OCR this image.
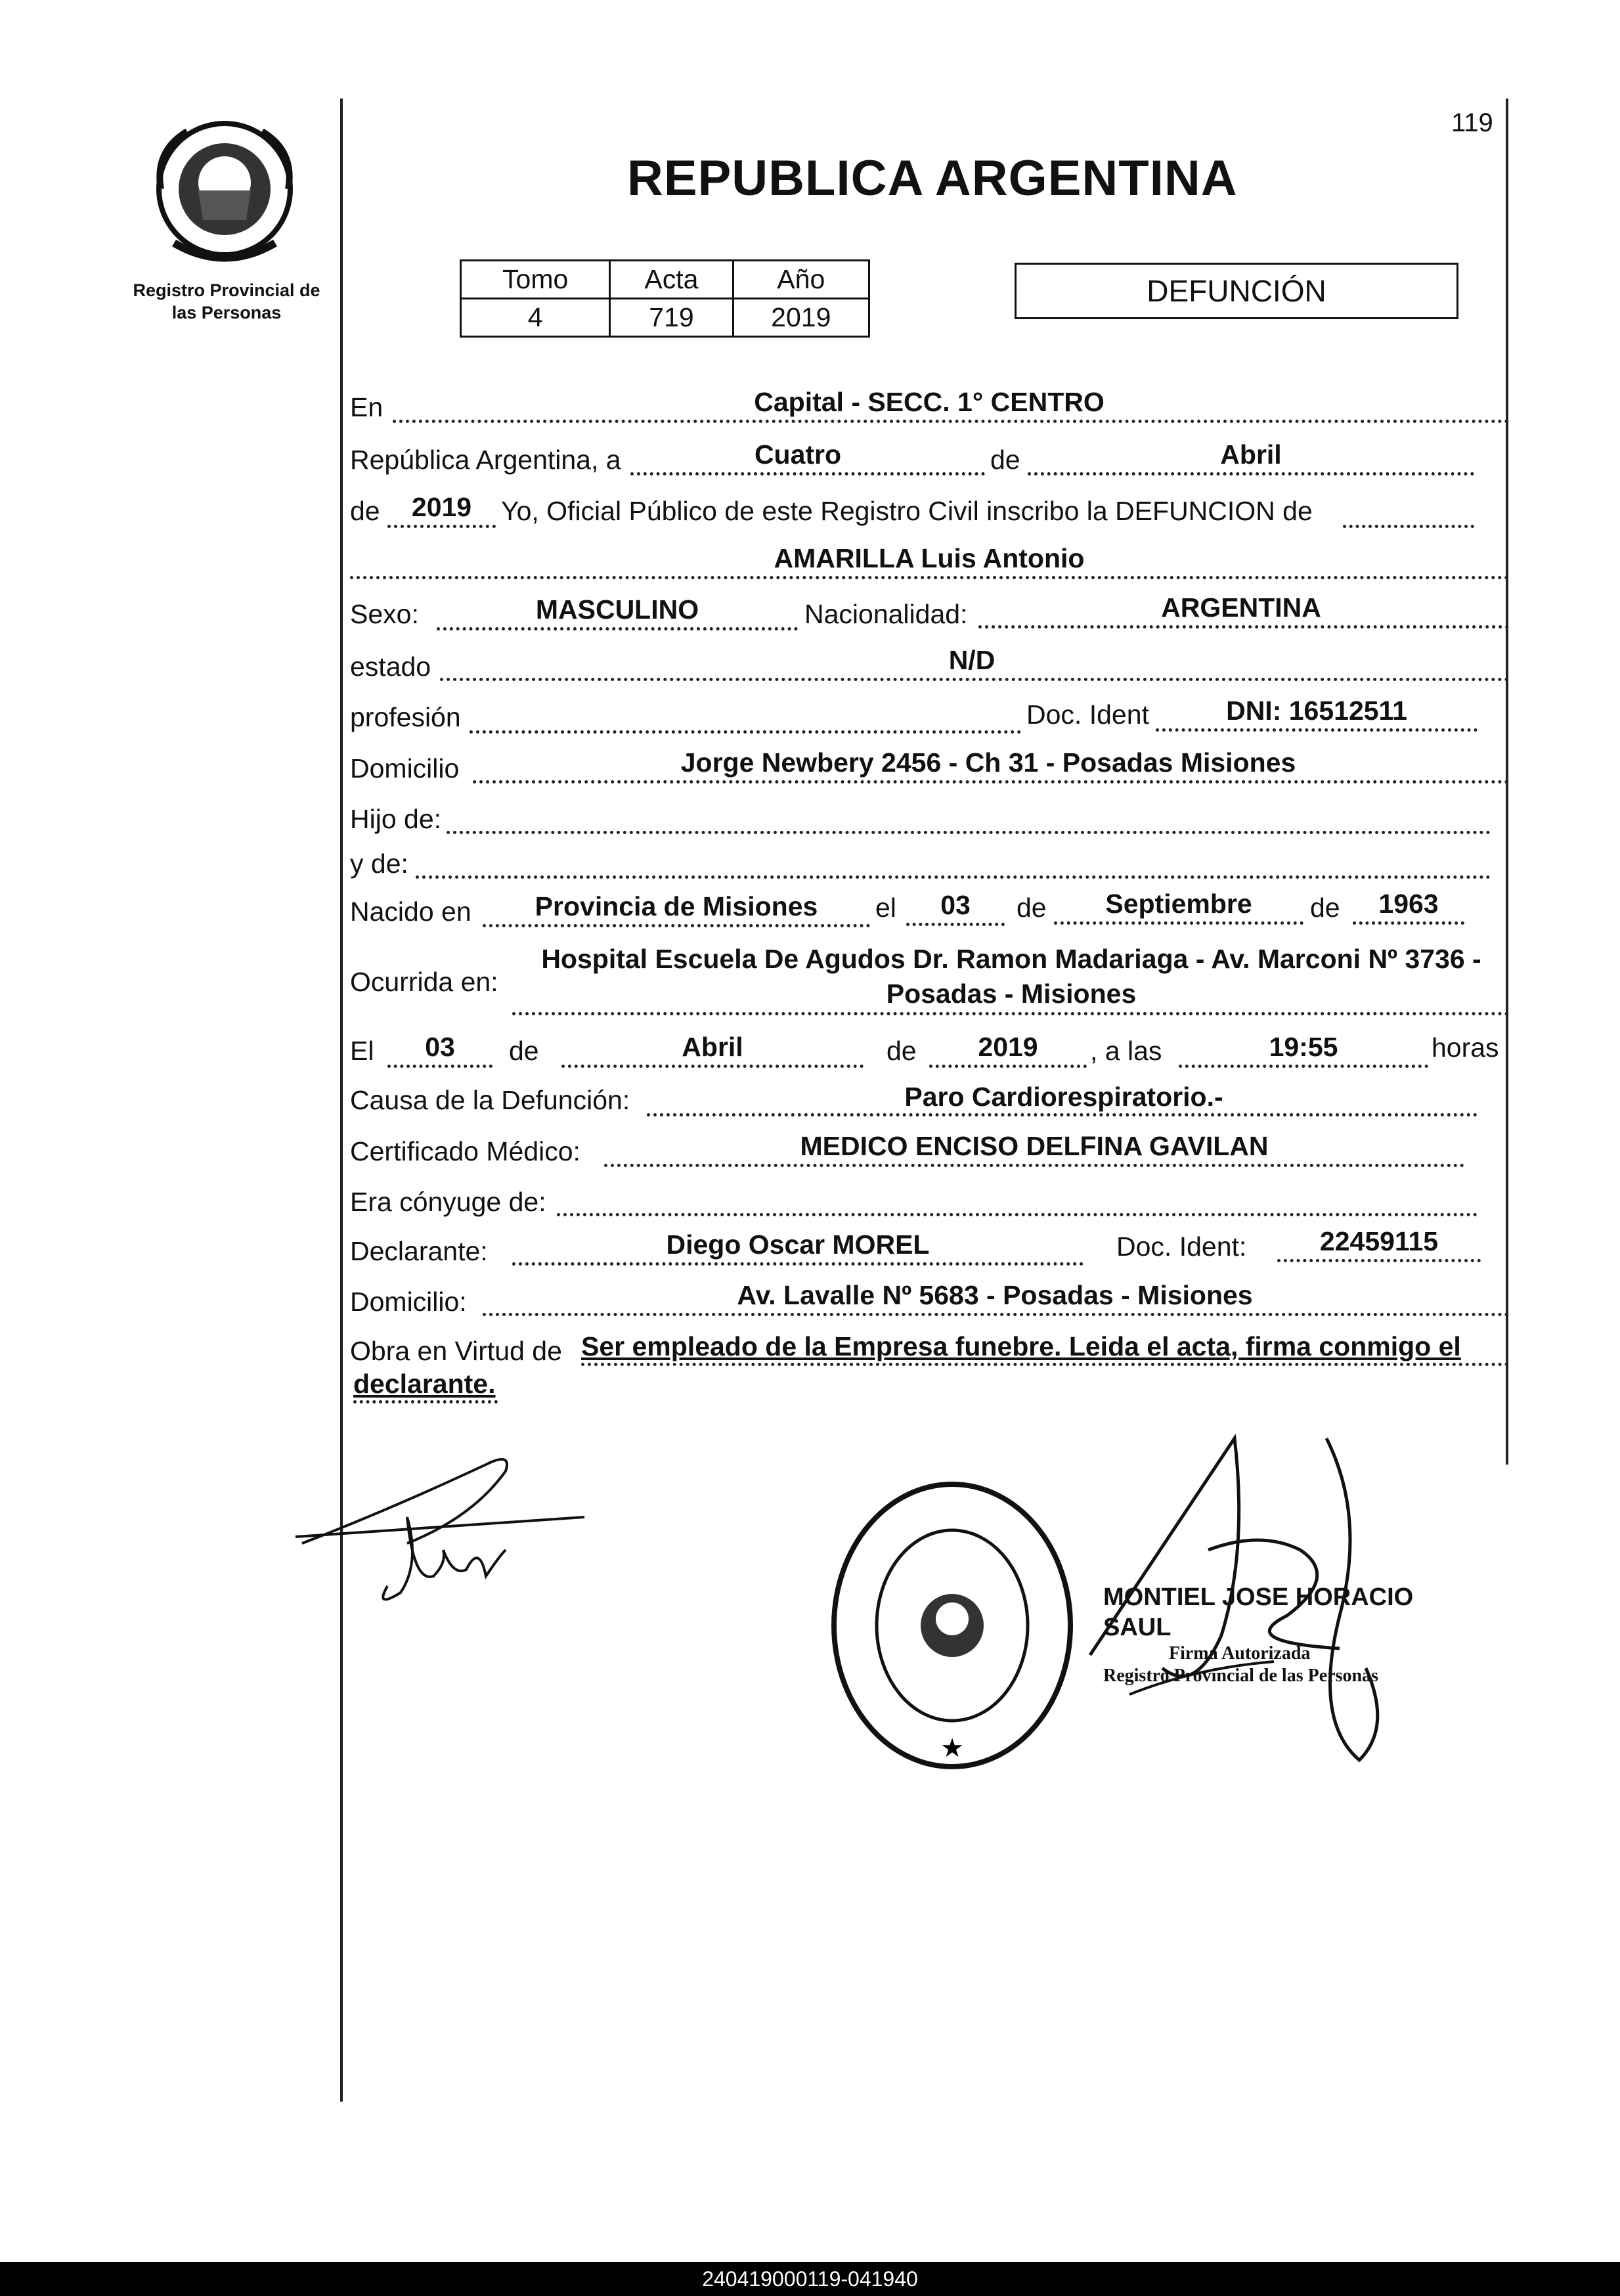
119
Registro Provincial de
las Personas
REPUBLICA ARGENTINA
Tomo	Acta	Año
4	719	2019
DEFUNCIÓN
En	Capital - SECC. 1° CENTRO
República Argentina, a	Cuatro	de	Abril
de	2019	Yo, Oficial Público de este Registro Civil inscribo la DEFUNCION de
AMARILLA Luis Antonio
Sexo:	MASCULINO	Nacionalidad:	ARGENTINA
estado	N/D
profesión	Doc. Ident	DNI: 16512511
Domicilio	Jorge Newbery 2456 - Ch 31 - Posadas Misiones
Hijo de:
y de:
Nacido en	Provincia de Misiones	el	03	de	Septiembre	de	1963
Ocurrida en:
Hospital Escuela De Agudos Dr. Ramon Madariaga - Av. Marconi Nº 3736 -
Posadas - Misiones
El	03	de	Abril	de	2019	, a las	19:55	horas
Causa de la Defunción:	Paro Cardiorespiratorio.-
Certificado Médico:	MEDICO ENCISO DELFINA GAVILAN
Era cónyuge de:
Declarante:	Diego Oscar MOREL	Doc. Ident:	22459115
Domicilio:	Av. Lavalle Nº 5683 - Posadas - Misiones
Obra en Virtud de Ser empleado de la Empresa funebre. Leida el acta, firma conmigo el
declarante.
★
MONTIEL JOSE HORACIO SAUL
Firma Autorizada
Registro Provincial de las Personas
240419000119-041940
